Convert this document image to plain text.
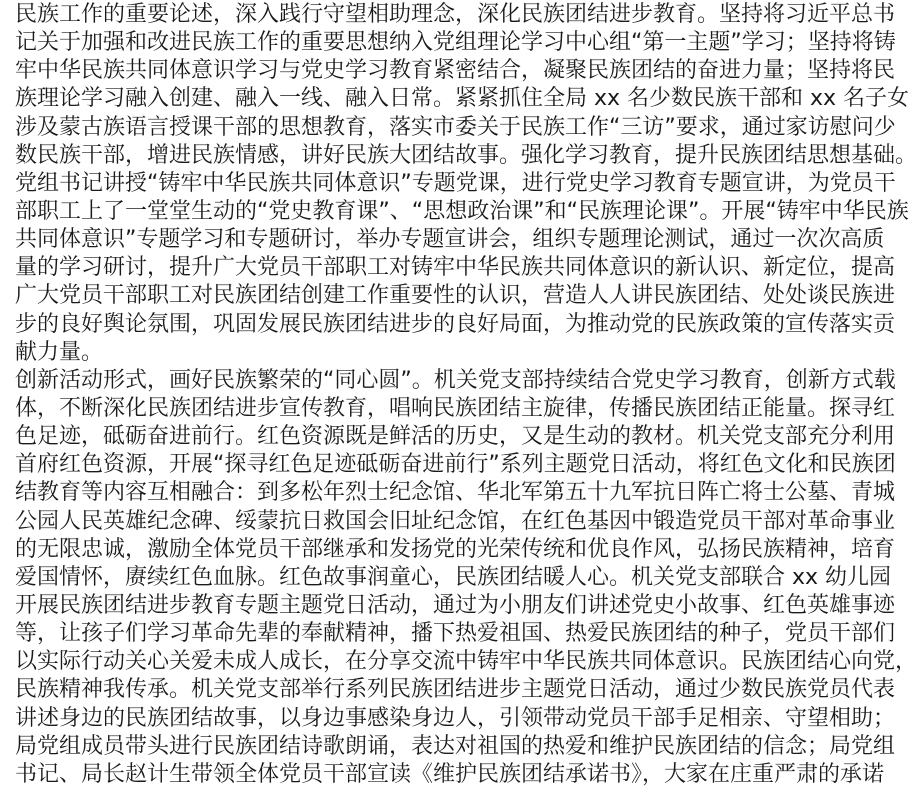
民族工作的重要论述，深入践行守望相助理念，深化民族团结进步教育。坚持将习近平总书
记关于加强和改进民族工作的重要思想纳入党组理论学习中心组“第一主题”学习；坚持将铸
牢中华民族共同体意识学习与党史学习教育紧密结合，凝聚民族团结的奋进力量；坚持将民
族理论学习融入创建、融入一线、融入日常。紧紧抓住全局 xx 名少数民族干部和 xx 名子女
涉及蒙古族语言授课干部的思想教育，落实市委关于民族工作“三访”要求，通过家访慰问少
数民族干部，增进民族情感，讲好民族大团结故事。强化学习教育，提升民族团结思想基础。
党组书记讲授“铸牢中华民族共同体意识”专题党课，进行党史学习教育专题宣讲，为党员干
部职工上了一堂堂生动的“党史教育课”、“思想政治课”和“民族理论课”。开展“铸牢中华民族
共同体意识”专题学习和专题研讨，举办专题宣讲会，组织专题理论测试，通过一次次高质
量的学习研讨，提升广大党员干部职工对铸牢中华民族共同体意识的新认识、新定位，提高
广大党员干部职工对民族团结创建工作重要性的认识，营造人人讲民族团结、处处谈民族进
步的良好舆论氛围，巩固发展民族团结进步的良好局面，为推动党的民族政策的宣传落实贡
献力量。
创新活动形式，画好民族繁荣的“同心圆”。机关党支部持续结合党史学习教育，创新方式载
体，不断深化民族团结进步宣传教育，唱响民族团结主旋律，传播民族团结正能量。探寻红
色足迹，砥砺奋进前行。红色资源既是鲜活的历史，又是生动的教材。机关党支部充分利用
首府红色资源，开展“探寻红色足迹砥砺奋进前行”系列主题党日活动，将红色文化和民族团
结教育等内容互相融合：到多松年烈士纪念馆、华北军第五十九军抗日阵亡将士公墓、青城
公园人民英雄纪念碑、绥蒙抗日救国会旧址纪念馆，在红色基因中锻造党员干部对革命事业
的无限忠诚，激励全体党员干部继承和发扬党的光荣传统和优良作风，弘扬民族精神，培育
爱国情怀，赓续红色血脉。红色故事润童心，民族团结暖人心。机关党支部联合 xx 幼儿园
开展民族团结进步教育专题主题党日活动，通过为小朋友们讲述党史小故事、红色英雄事迹
等，让孩子们学习革命先辈的奉献精神，播下热爱祖国、热爱民族团结的种子，党员干部们
以实际行动关心关爱未成人成长，在分享交流中铸牢中华民族共同体意识。民族团结心向党，
民族精神我传承。机关党支部举行系列民族团结进步主题党日活动，通过少数民族党员代表
讲述身边的民族团结故事，以身边事感染身边人，引领带动党员干部手足相亲、守望相助；
局党组成员带头进行民族团结诗歌朗诵，表达对祖国的热爱和维护民族团结的信念；局党组
书记、局长赵计生带领全体党员干部宣读《维护民族团结承诺书》，大家在庄重严肃的承诺
